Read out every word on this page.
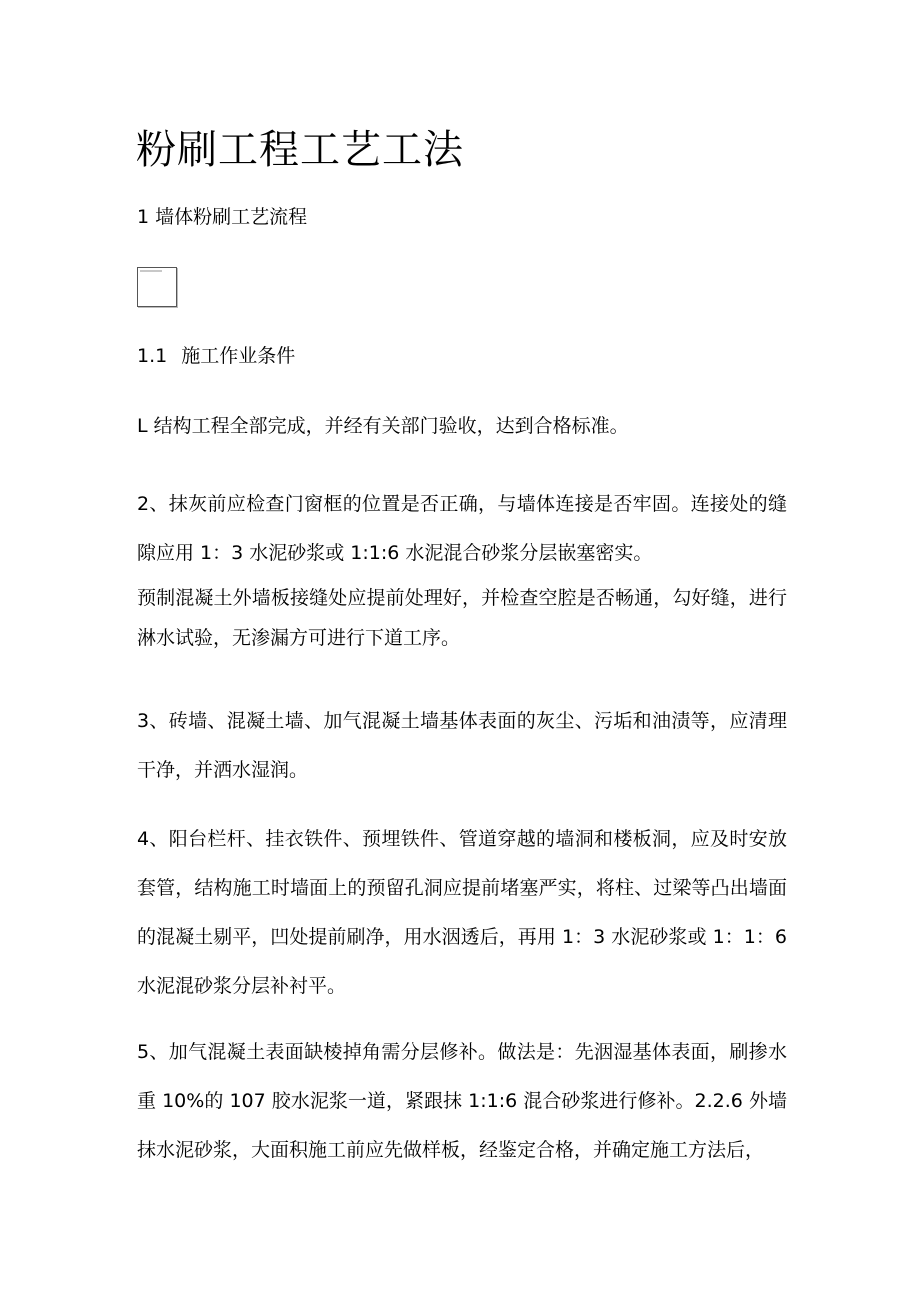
粉刷工程工艺工法
1 墙体粉刷工艺流程
1.1 施工作业条件

L 结构工程全部完成，并经有关部门验收，达到合格标准。

2、抹灰前应检查门窗框的位置是否正确，与墙体连接是否牢固。连接处的缝隙应用 1：3 水泥砂浆或 1:1:6 水泥混合砂浆分层嵌塞密实。

预制混凝土外墙板接缝处应提前处理好，并检查空腔是否畅通，勾好缝，进行淋水试验，无渗漏方可进行下道工序。

3、砖墙、混凝土墙、加气混凝土墙基体表面的灰尘、污垢和油渍等，应清理干净，并洒水湿润。

4、阳台栏杆、挂衣铁件、预埋铁件、管道穿越的墙洞和楼板洞，应及时安放套管，结构施工时墙面上的预留孔洞应提前堵塞严实，将柱、过梁等凸出墙面的混凝土剔平，凹处提前刷净，用水洇透后，再用 1：3 水泥砂浆或 1：1：6 水泥混砂浆分层补衬平。

5、加气混凝土表面缺棱掉角需分层修补。做法是：先洇湿基体表面，刷掺水重 10%的 107 胶水泥浆一道，紧跟抹 1:1:6 混合砂浆进行修补。2.2.6 外墙抹水泥砂浆，大面积施工前应先做样板，经鉴定合格，并确定施工方法后，
